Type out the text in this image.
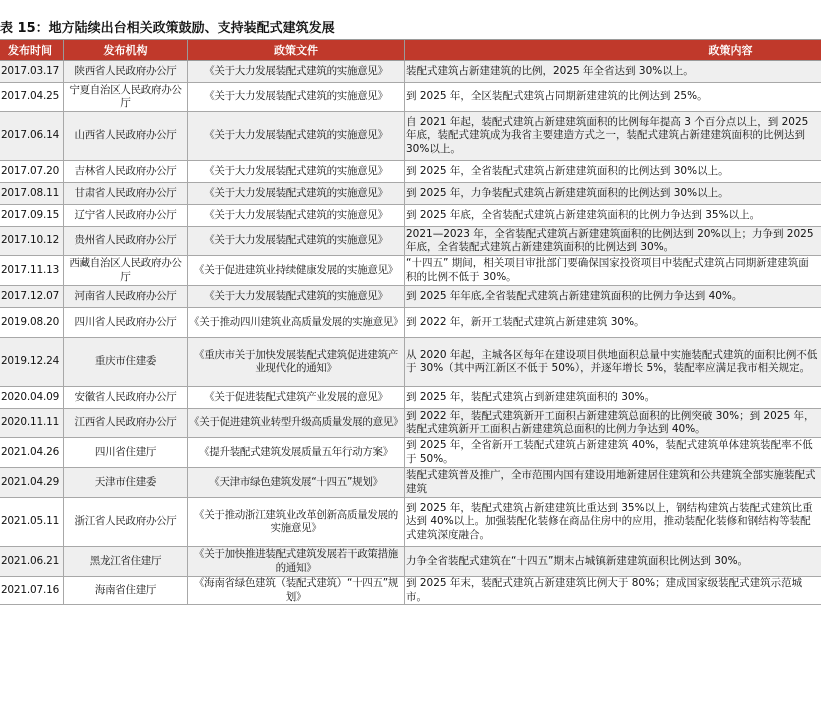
表 15：地方陆续出台相关政策鼓励、支持装配式建筑发展
发布时间	发布机构	政策文件	政策内容
2017.03.17	陕西省人民政府办公厅	《关于大力发展装配式建筑的实施意见》	装配式建筑占新建建筑的比例，2025 年全省达到 30%以上。

2017.04.25	宁夏自治区人民政府办公厅	《关于大力发展装配式建筑的实施意见》	到 2025 年，全区装配式建筑占同期新建建筑的比例达到 25%。

2017.06.14	山西省人民政府办公厅	《关于大力发展装配式建筑的实施意见》	自 2021 年起，装配式建筑占新建建筑面积的比例每年提高 3 个百分点以上，到 2025 年底，装配式建筑成为我省主要建造方式之一，装配式建筑占新建建筑面积的比例达到 30%以上。

2017.07.20	吉林省人民政府办公厅	《关于大力发展装配式建筑的实施意见》	到 2025 年，全省装配式建筑占新建建筑面积的比例达到 30%以上。

2017.08.11	甘肃省人民政府办公厅	《关于大力发展装配式建筑的实施意见》	到 2025 年，力争装配式建筑占新建建筑面积的比例达到 30%以上。

2017.09.15	辽宁省人民政府办公厅	《关于大力发展装配式建筑的实施意见》	到 2025 年底，全省装配式建筑占新建建筑面积的比例力争达到 35%以上。

2017.10.12	贵州省人民政府办公厅	《关于大力发展装配式建筑的实施意见》	2021—2023 年，全省装配式建筑占新建建筑面积的比例达到 20%以上；力争到 2025 年底，全省装配式建筑占新建建筑面积的比例达到 30%。

2017.11.13	西藏自治区人民政府办公厅	《关于促进建筑业持续健康发展的实施意见》	“十四五” 期间，相关项目审批部门要确保国家投资项目中装配式建筑占同期新建建筑面积的比例不低于 30%。

2017.12.07	河南省人民政府办公厅	《关于大力发展装配式建筑的实施意见》	到 2025 年年底,全省装配式建筑占新建建筑面积的比例力争达到 40%。

2019.08.20	四川省人民政府办公厅	《关于推动四川建筑业高质量发展的实施意见》	到 2022 年，新开工装配式建筑占新建建筑 30%。

2019.12.24	重庆市住建委	《重庆市关于加快发展装配式建筑促进建筑产业现代化的通知》	从 2020 年起，主城各区每年在建设项目供地面积总量中实施装配式建筑的面积比例不低于 30%（其中两江新区不低于 50%），并逐年增长 5%，装配率应满足我市相关规定。

2020.04.09	安徽省人民政府办公厅	《关于促进装配式建筑产业发展的意见》	到 2025 年，装配式建筑占到新建建筑面积的 30%。

2020.11.11	江西省人民政府办公厅	《关于促进建筑业转型升级高质量发展的意见》	到 2022 年，装配式建筑新开工面积占新建建筑总面积的比例突破 30%；到 2025 年，装配式建筑新开工面积占新建建筑总面积的比例力争达到 40%。

2021.04.26	四川省住建厅	《提升装配式建筑发展质量五年行动方案》	到 2025 年，全省新开工装配式建筑占新建建筑 40%，装配式建筑单体建筑装配率不低于 50%。

2021.04.29	天津市住建委	《天津市绿色建筑发展“十四五”规划》	装配式建筑普及推广，全市范围内国有建设用地新建居住建筑和公共建筑全部实施装配式建筑

2021.05.11	浙江省人民政府办公厅	《关于推动浙江建筑业改革创新高质量发展的实施意见》	到 2025 年，装配式建筑占新建建筑比重达到 35%以上，钢结构建筑占装配式建筑比重达到 40%以上。加强装配化装修在商品住房中的应用，推动装配化装修和钢结构等装配式建筑深度融合。

2021.06.21	黑龙江省住建厅	《关于加快推进装配式建筑发展若干政策措施的通知》	力争全省装配式建筑在“十四五”期末占城镇新建建筑面积比例达到 30%。

2021.07.16	海南省住建厅	《海南省绿色建筑（装配式建筑）“十四五”规划》	到 2025 年末，装配式建筑占新建建筑比例大于 80%；建成国家级装配式建筑示范城市。
